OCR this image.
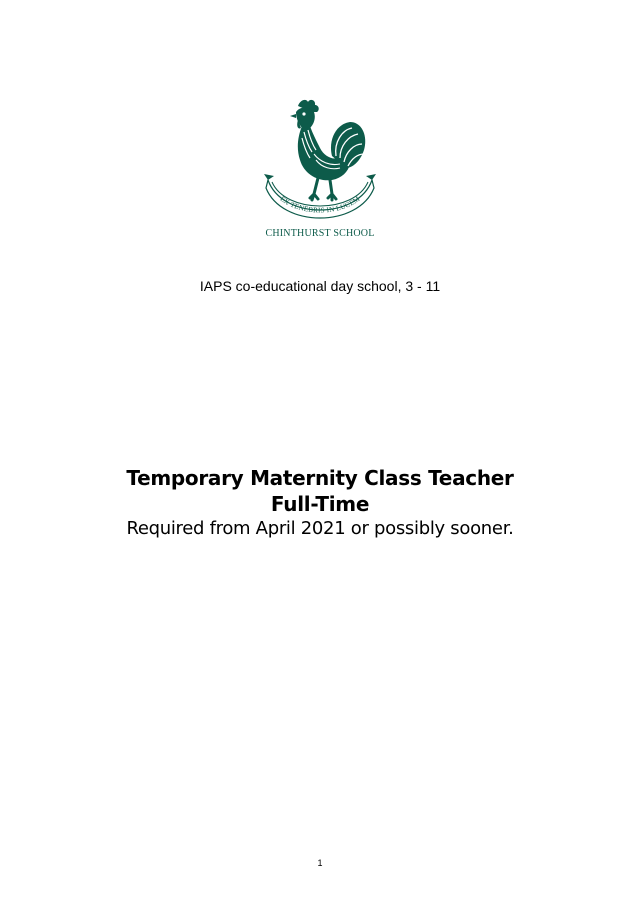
EX TENEBRIS IN LUCEM
CHINTHURST SCHOOL
IAPS co-educational day school, 3 - 11
Temporary Maternity Class Teacher
Full-Time
Required from April 2021 or possibly sooner.
1
